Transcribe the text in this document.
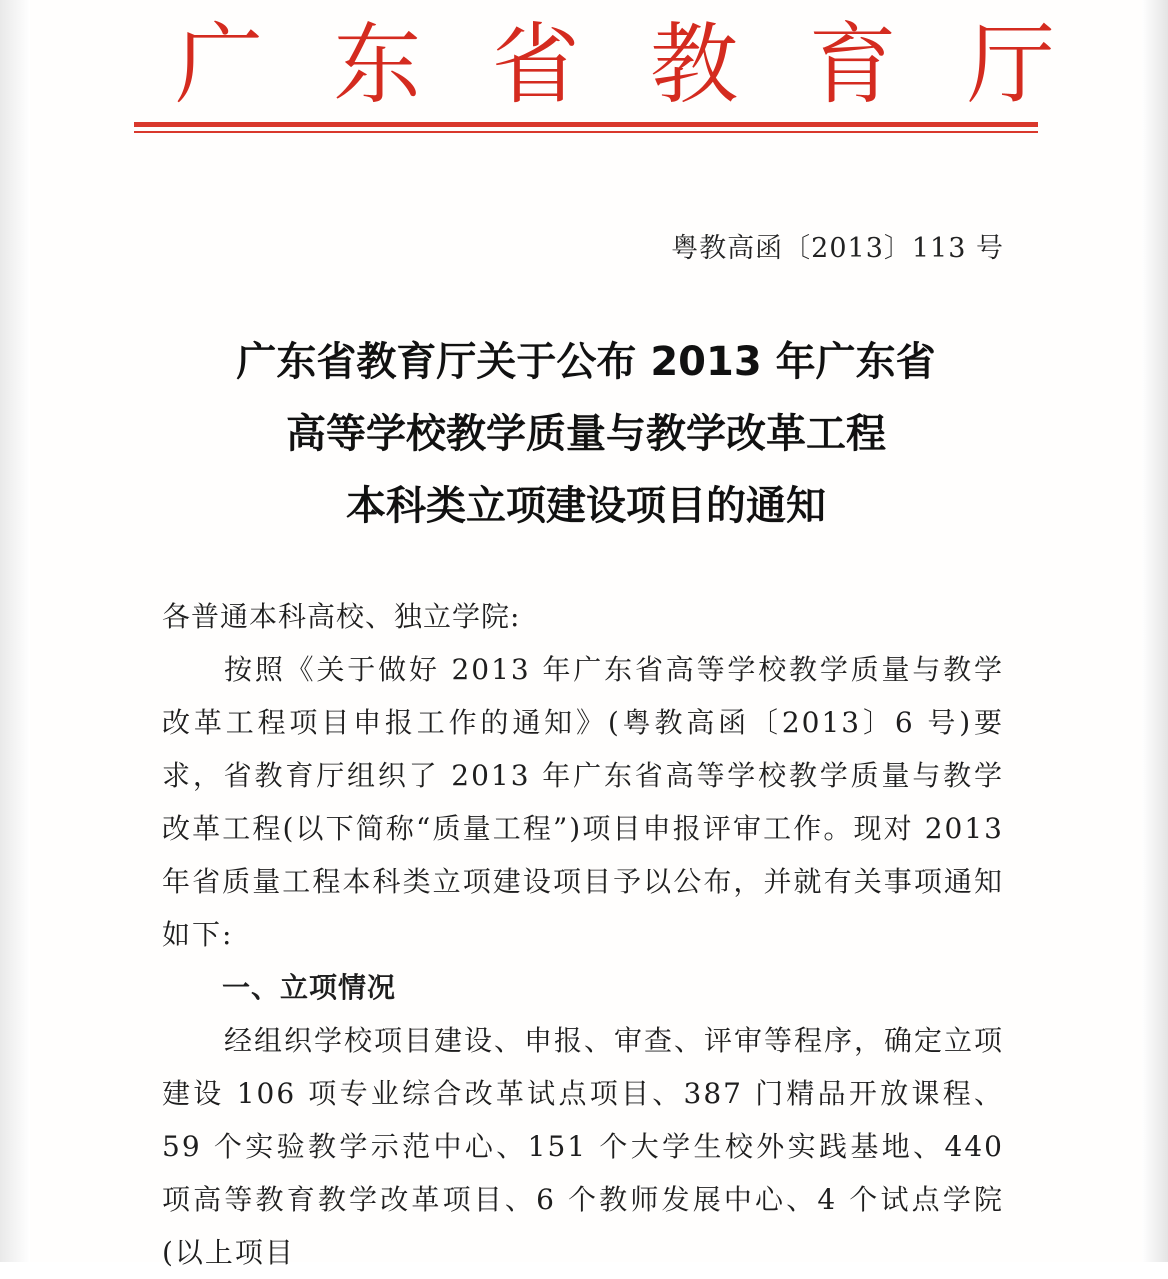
广 东 省 教 育 厅
粤教高函〔2013〕113 号
广东省教育厅关于公布 2013 年广东省
高等学校教学质量与教学改革工程
本科类立项建设项目的通知
各普通本科高校、独立学院:
按照《关于做好 2013 年广东省高等学校教学质量与教学改革工程项目申报工作的通知》(粤教高函〔2013〕6 号)要求，省教育厅组织了 2013 年广东省高等学校教学质量与教学改革工程(以下简称“质量工程”)项目申报评审工作。现对 2013 年省质量工程本科类立项建设项目予以公布，并就有关事项通知如下:
一、立项情况
经组织学校项目建设、申报、审查、评审等程序，确定立项建设 106 项专业综合改革试点项目、387 门精品开放课程、59 个实验教学示范中心、151 个大学生校外实践基地、440 项高等教育教学改革项目、6 个教师发展中心、4 个试点学院(以上项目
